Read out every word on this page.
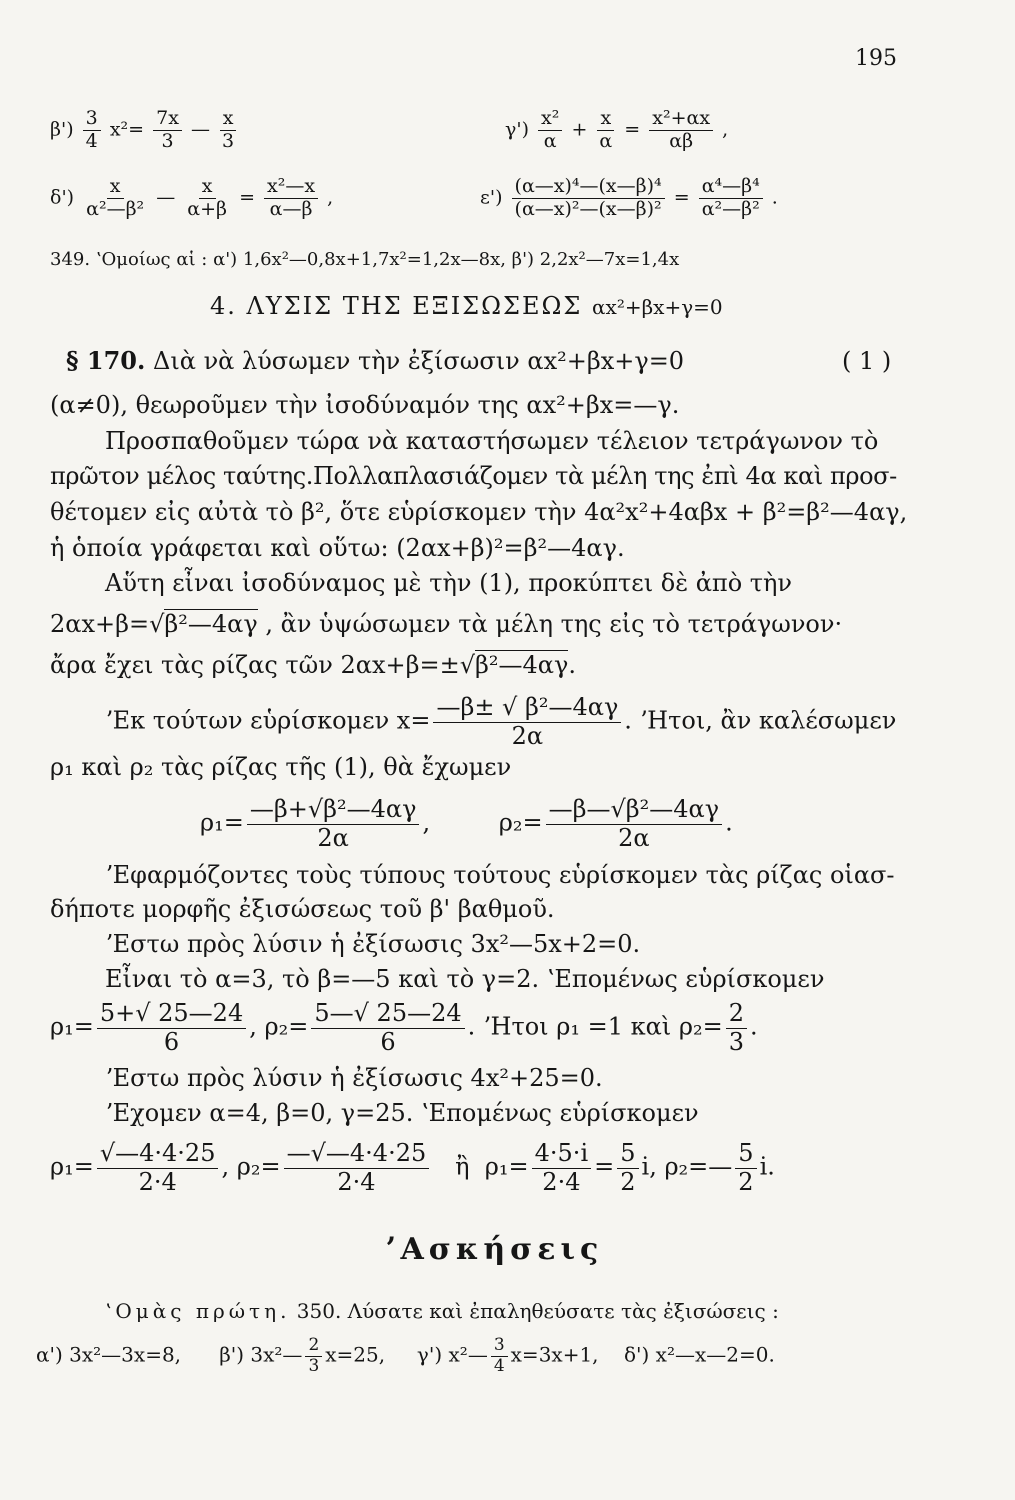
195
$\beta') \frac{3}{4} x^2= \frac{7x}{3}$ — $\frac{x}{3}$	$\gamma') \frac{\text{x²}}{\alpha} + \frac{x}{\alpha} = \frac{\text{x²+αx}}{\alpha\beta}$ ,
$\delta') \frac{x}{\text{α²—β²}}$ — $\frac{x}{\alpha+\beta} = \frac{\text{x²—x}}{\alpha—\beta}$ ,	$\varepsilon') \frac{\text{(α—x)⁴—(x—β)⁴}}{\text{(α—x)²—(x—β)²}} = \frac{\text{α⁴—β⁴}}{\text{α²—β²}}$ .
349. ʽΟμοίως αἱ : α') 1,6x²—0,8x+1,7x²=1,2x—8x, β') 2,2x²—7x=1,4x
4. ΛΥΣΙΣ ΤΗΣ ΕΞΙΣΩΣΕΩΣ αx²+βx+γ=0
§ 170. Διὰ νὰ λύσωμεν τὴν ἐξίσωσιν αx²+βx+γ=0	( 1 )
(α≠0), θεωροῦμεν τὴν ἰσοδύναμόν της αx²+βx=—γ.
Προσπαθοῦμεν τώρα νὰ καταστήσωμεν τέλειον τετράγωνον τὸ
πρῶτον μέλος ταύτης.Πολλαπλασιάζομεν τὰ μέλη της ἐπὶ 4α καὶ προσ-
θέτομεν εἰς αὐτὰ τὸ β², ὅτε εὑρίσκομεν τὴν 4α²x²+4αβx + β²=β²—4αγ,
ἡ ὁποία γράφεται καὶ οὕτω: (2αx+β)²=β²—4αγ.
Αὕτη εἶναι ἰσοδύναμος μὲ τὴν (1), προκύπτει δὲ ἀπὸ τὴν
2αx+β=√β²—4αγ , ἂν ὑψώσωμεν τὰ μέλη της εἰς τὸ τετράγωνον·
ἄρα ἔχει τὰς ρίζας τῶν 2αx+β=±√β²—4αγ.
ʼΕκ τούτων εὑρίσκομεν $x= \frac{\text{—β± √ β²—4αγ}}{2\alpha}$ . ʼΗτοι, ἂν καλέσωμεν
ρ₁ καὶ ρ₂ τὰς ρίζας τῆς (1), θὰ ἔχωμεν
$\rho_1= \frac{\text{—β+√β²—4αγ}}{2\alpha}$ ,	$\rho_2= \frac{\text{—β—√β²—4αγ}}{2\alpha}$ .
ʼΕφαρμόζοντες τοὺς τύπους τούτους εὑρίσκομεν τὰς ρίζας οἱασ-
δήποτε μορφῆς ἐξισώσεως τοῦ β' βαθμοῦ.
ʼΕστω πρὸς λύσιν ἡ ἐξίσωσις 3x²—5x+2=0.
Εἶναι τὸ α=3, τὸ β=—5 καὶ τὸ γ=2. ʽΕπομένως εὑρίσκομεν
$\rho_1= \frac{5+√ 25—24}{6}$ , $\rho_2= \frac{5—√ 25—24}{6}$ . ʼΗτοι ρ₁ =1 καὶ $\rho_2= \frac{2}{3}$ .
ʼΕστω πρὸς λύσιν ἡ ἐξίσωσις 4x²+25=0.
ʼΕχομεν α=4, β=0, γ=25. ʽΕπομένως εὑρίσκομεν
$\rho_1= \frac{√—4\cdot 4\cdot 25}{2\cdot 4}$ , $\rho_2= \frac{—√—4\cdot 4\cdot 25}{2\cdot 4}$ ἢ $\rho_1= \frac{4\cdot 5\cdot i}{2\cdot 4} = \frac{5}{2} i$, ρ₂=— $\frac{5}{2} i$.
ʼΑσκήσεις
ʽΟμὰς πρώτη. 350. Λύσατε καὶ ἐπαληθεύσατε τὰς ἐξισώσεις :
α') 3x²—3x=8, β') 3x²— $\frac{2}{3} x=25$, γ') x²— $\frac{3}{4} x=3x+1$, δ') x²—x—2=0.
